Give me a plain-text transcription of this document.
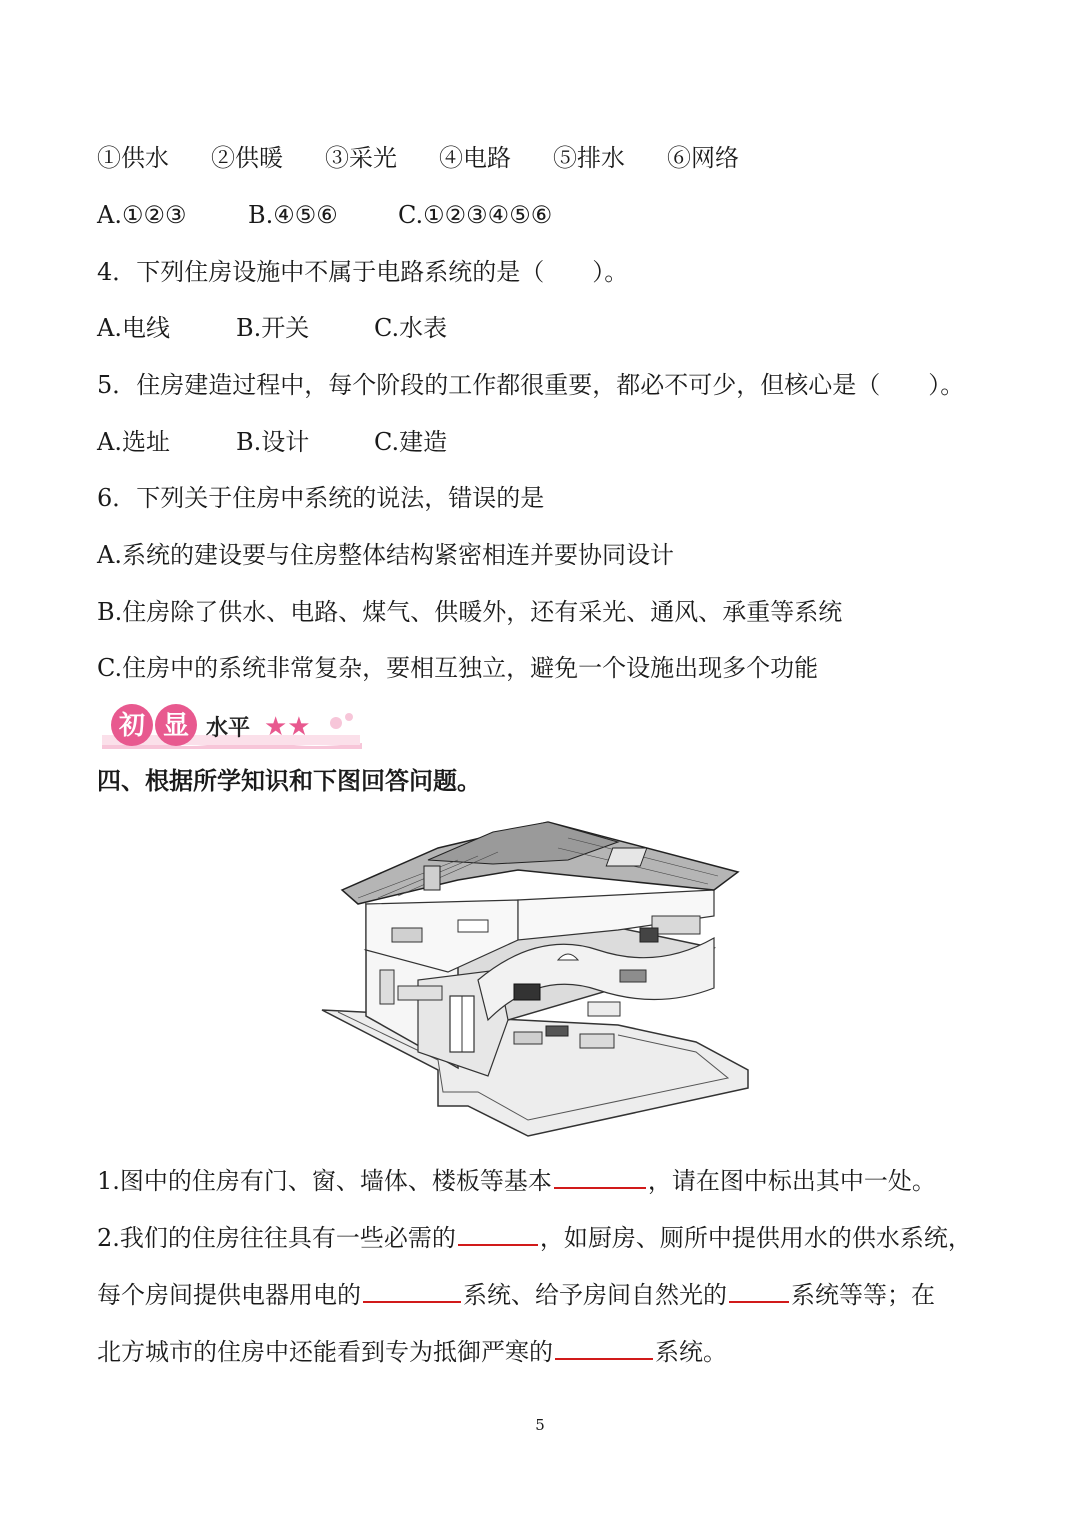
①供水 ②供暖 ③采光 ④电路 ⑤排水 ⑥网络
A.①②③	B.④⑤⑥	C.①②③④⑤⑥
4．下列住房设施中不属于电路系统的是（　　）。
A.电线	B.开关	C.水表
5．住房建造过程中，每个阶段的工作都很重要，都必不可少，但核心是（　　）。
A.选址	B.设计	C.建造
6．下列关于住房中系统的说法，错误的是
A.系统的建设要与住房整体结构紧密相连并要协同设计
B.住房除了供水、电路、煤气、供暖外，还有采光、通风、承重等系统
C.住房中的系统非常复杂，要相互独立，避免一个设施出现多个功能
初 显 水平 ★★
四、根据所学知识和下图回答问题。
1.图中的住房有门、窗、墙体、楼板等基本	，请在图中标出其中一处。
2.我们的住房往往具有一些必需的	，如厨房、厕所中提供用水的供水系统，
每个房间提供电器用电的	系统、给予房间自然光的	系统等等；在
北方城市的住房中还能看到专为抵御严寒的	系统。
5
